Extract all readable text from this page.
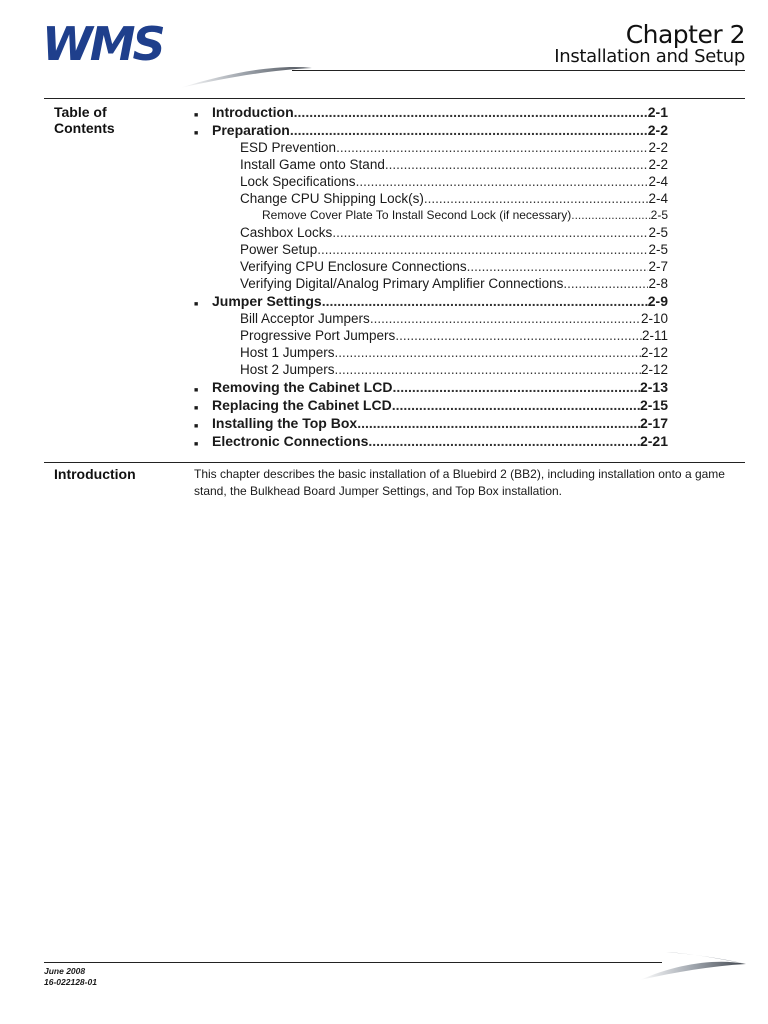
WMS	Chapter 2
Installation and Setup
Table of Contents
■ Introduction .....	2-1
■ Preparation .....	2-2
ESD Prevention .....	2-2
Install Game onto Stand .....	2-2
Lock Specifications .....	2-4
Change CPU Shipping Lock(s) .....	2-4
Remove Cover Plate To Install Second Lock (if necessary) .....	2-5
Cashbox Locks .....	2-5
Power Setup .....	2-5
Verifying CPU Enclosure Connections .....	2-7
Verifying Digital/Analog Primary Amplifier Connections .....	2-8
■ Jumper Settings .....	2-9
Bill Acceptor Jumpers .....	2-10
Progressive Port Jumpers .....	2-11
Host 1 Jumpers .....	2-12
Host 2 Jumpers .....	2-12
■ Removing the Cabinet LCD .....	2-13
■ Replacing the Cabinet LCD .....	2-15
■ Installing the Top Box .....	2-17
■ Electronic Connections .....	2-21
Introduction	This chapter describes the basic installation of a Bluebird 2 (BB2), including installation onto a game stand, the Bulkhead Board Jumper Settings, and Top Box installation.
June 2008
16-022128-01
